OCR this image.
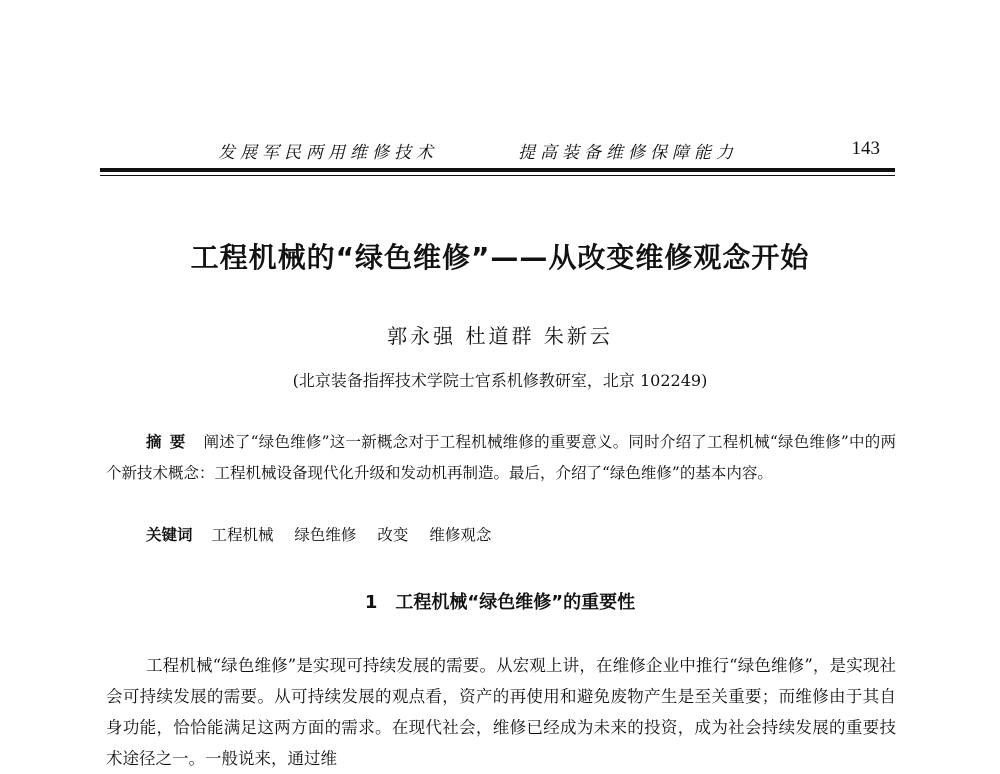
发展军民两用维修技术	提高装备维修保障能力	143
工程机械的“绿色维修”——从改变维修观念开始
郭永强 杜道群 朱新云
(北京装备指挥技术学院士官系机修教研室，北京 102249)

摘要 阐述了“绿色维修”这一新概念对于工程机械维修的重要意义。同时介绍了工程机械“绿色维修”中的两个新技术概念：工程机械设备现代化升级和发动机再制造。最后，介绍了“绿色维修”的基本内容。

关键词 工程机械 绿色维修 改变 维修观念
1 工程机械“绿色维修”的重要性

工程机械“绿色维修”是实现可持续发展的需要。从宏观上讲，在维修企业中推行“绿色维修”，是实现社会可持续发展的需要。从可持续发展的观点看，资产的再使用和避免废物产生是至关重要；而维修由于其自身功能，恰恰能满足这两方面的需求。在现代社会，维修已经成为未来的投资，成为社会持续发展的重要技术途径之一。一般说来，通过维
